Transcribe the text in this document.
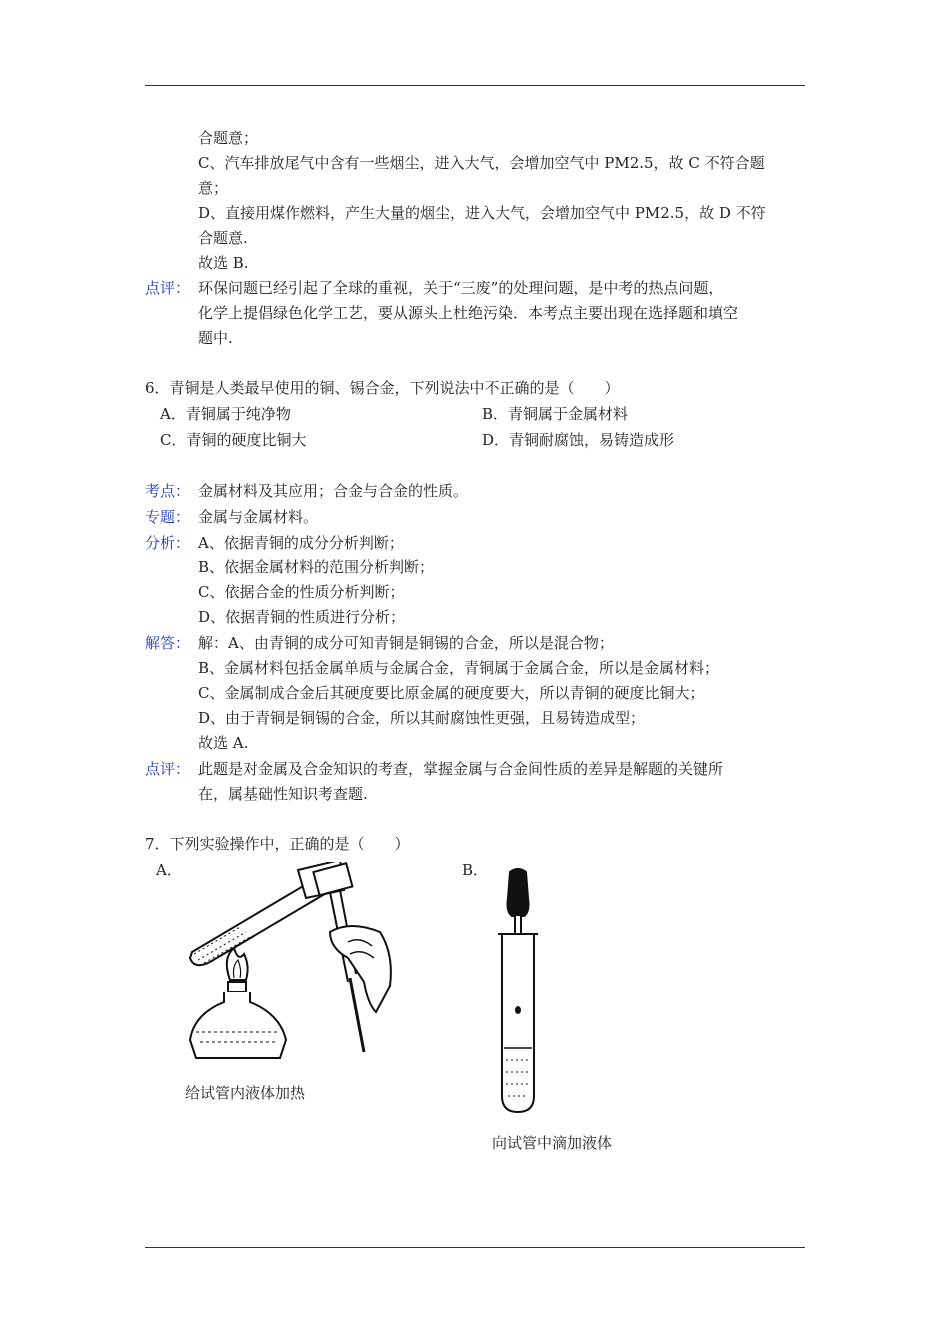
合题意；
C、汽车排放尾气中含有一些烟尘，进入大气，会增加空气中 PM2.5，故 C 不符合题
意；
D、直接用煤作燃料，产生大量的烟尘，进入大气，会增加空气中 PM2.5，故 D 不符
合题意.
故选 B.
点评： 环保问题已经引起了全球的重视，关于“三废”的处理问题，是中考的热点问题，
化学上提倡绿色化学工艺，要从源头上杜绝污染．本考点主要出现在选择题和填空
题中.
6．青铜是人类最早使用的铜、锡合金，下列说法中不正确的是（　　）
A．青铜属于纯净物	B．青铜属于金属材料
C．青铜的硬度比铜大	D．青铜耐腐蚀，易铸造成形
考点： 金属材料及其应用；合金与合金的性质。
专题： 金属与金属材料。
分析： A、依据青铜的成分分析判断；
B、依据金属材料的范围分析判断；
C、依据合金的性质分析判断；
D、依据青铜的性质进行分析；
解答： 解：A、由青铜的成分可知青铜是铜锡的合金，所以是混合物；
B、金属材料包括金属单质与金属合金，青铜属于金属合金，所以是金属材料；
C、金属制成合金后其硬度要比原金属的硬度要大，所以青铜的硬度比铜大；
D、由于青铜是铜锡的合金，所以其耐腐蚀性更强，且易铸造成型；
故选 A.
点评： 此题是对金属及合金知识的考查，掌握金属与合金间性质的差异是解题的关键所
在，属基础性知识考查题.
7．下列实验操作中，正确的是（　　）
A．	B．
给试管内液体加热
向试管中滴加液体
